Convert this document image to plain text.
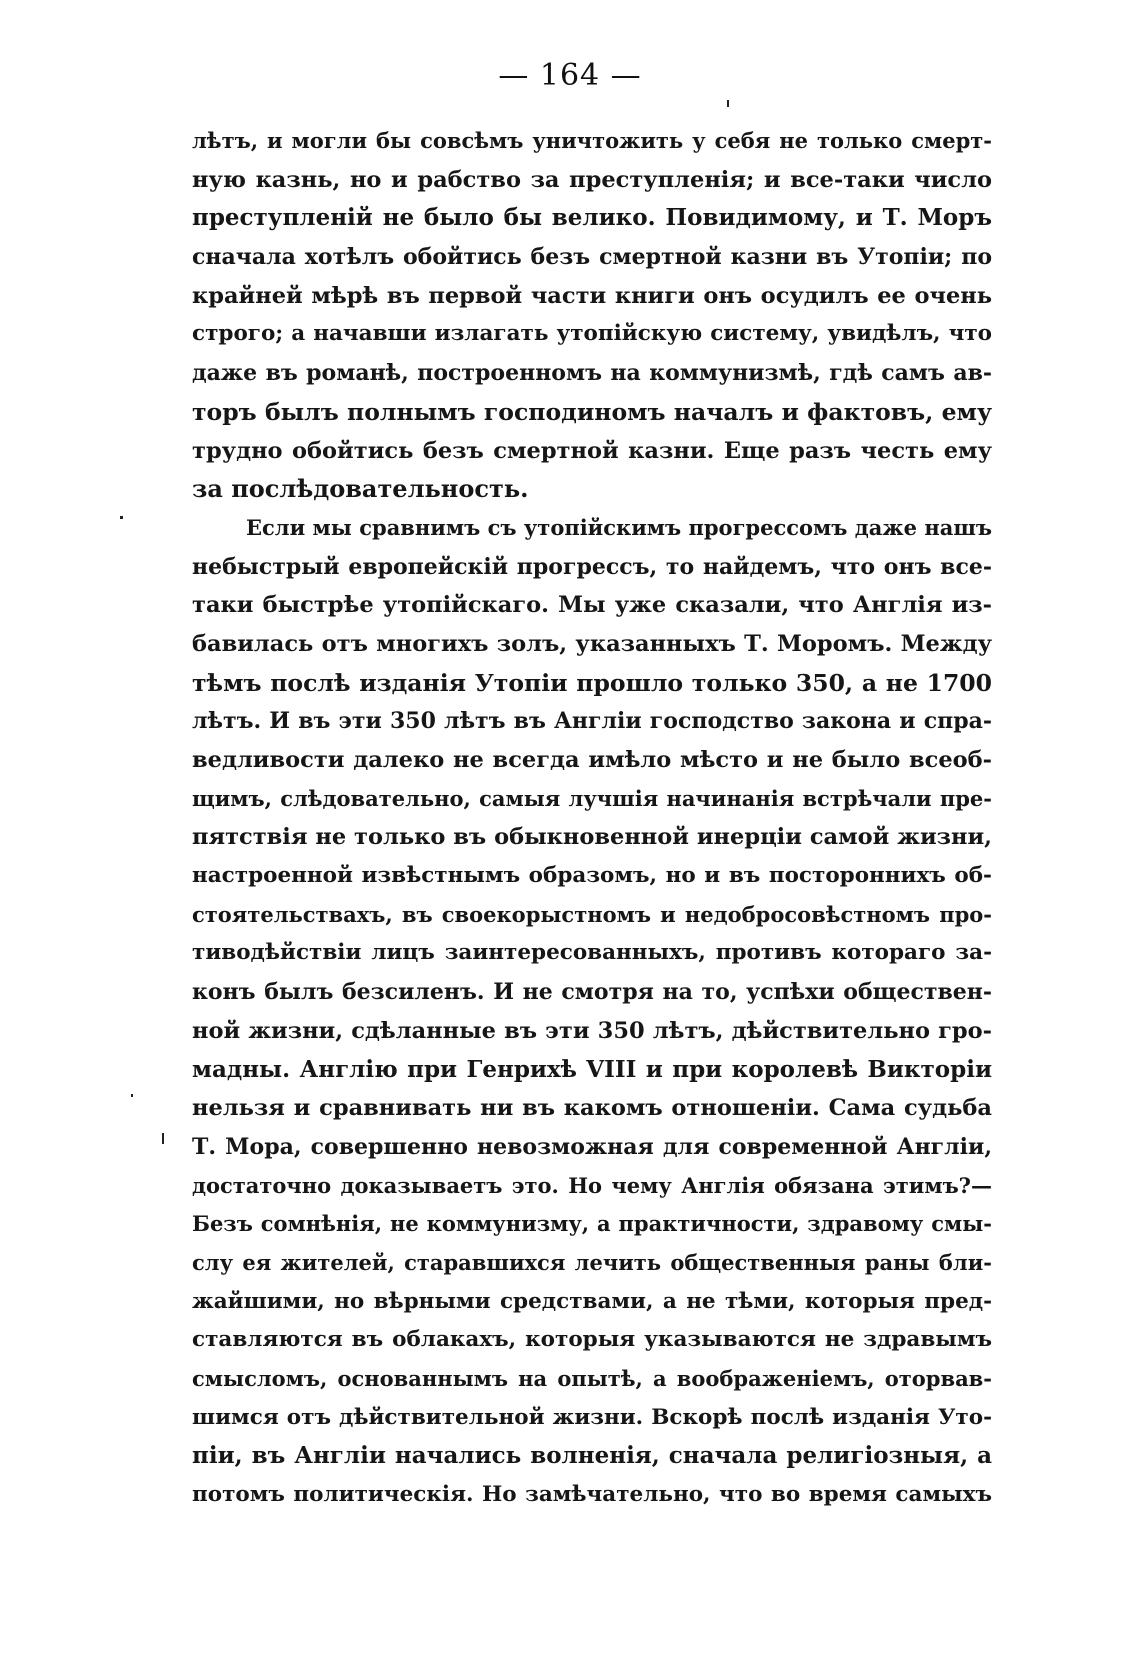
— 164 —
лѣтъ, и могли бы совсѣмъ уничтожить у себя не только смерт-
ную казнь, но и рабство за преступленія; и все-таки число
преступленій не было бы велико. Повидимому, и Т. Моръ
сначала хотѣлъ обойтись безъ смертной казни въ Утопіи; по
крайней мѣрѣ въ первой части книги онъ осудилъ ее очень
строго; а начавши излагать утопійскую систему, увидѣлъ, что
даже въ романѣ, построенномъ на коммунизмѣ, гдѣ самъ ав-
торъ былъ полнымъ господиномъ началъ и фактовъ, ему
трудно обойтись безъ смертной казни. Еще разъ честь ему
за послѣдовательность.
Если мы сравнимъ съ утопійскимъ прогрессомъ даже нашъ
небыстрый европейскій прогрессъ, то найдемъ, что онъ все-
таки быстрѣе утопійскаго. Мы уже сказали, что Англія из-
бавилась отъ многихъ золъ, указанныхъ Т. Моромъ. Между
тѣмъ послѣ изданія Утопіи прошло только 350, а не 1700
лѣтъ. И въ эти 350 лѣтъ въ Англіи господство закона и спра-
ведливости далеко не всегда имѣло мѣсто и не было всеоб-
щимъ, слѣдовательно, самыя лучшія начинанія встрѣчали пре-
пятствія не только въ обыкновенной инерціи самой жизни,
настроенной извѣстнымъ образомъ, но и въ постороннихъ об-
стоятельствахъ, въ своекорыстномъ и недобросовѣстномъ про-
тиводѣйствіи лицъ заинтересованныхъ, противъ котораго за-
конъ былъ безсиленъ. И не смотря на то, успѣхи обществен-
ной жизни, сдѣланные въ эти 350 лѣтъ, дѣйствительно гро-
мадны. Англію при Генрихѣ VIII и при королевѣ Викторіи
нельзя и сравнивать ни въ какомъ отношеніи. Сама судьба
Т. Мора, совершенно невозможная для современной Англіи,
достаточно доказываетъ это. Но чему Англія обязана этимъ?—
Безъ сомнѣнія, не коммунизму, а практичности, здравому смы-
слу ея жителей, старавшихся лечить общественныя раны бли-
жайшими, но вѣрными средствами, а не тѣми, которыя пред-
ставляются въ облакахъ, которыя указываются не здравымъ
смысломъ, основаннымъ на опытѣ, а воображеніемъ, оторвав-
шимся отъ дѣйствительной жизни. Вскорѣ послѣ изданія Уто-
піи, въ Англіи начались волненія, сначала религіозныя, а
потомъ политическія. Но замѣчательно, что во время самыхъ
